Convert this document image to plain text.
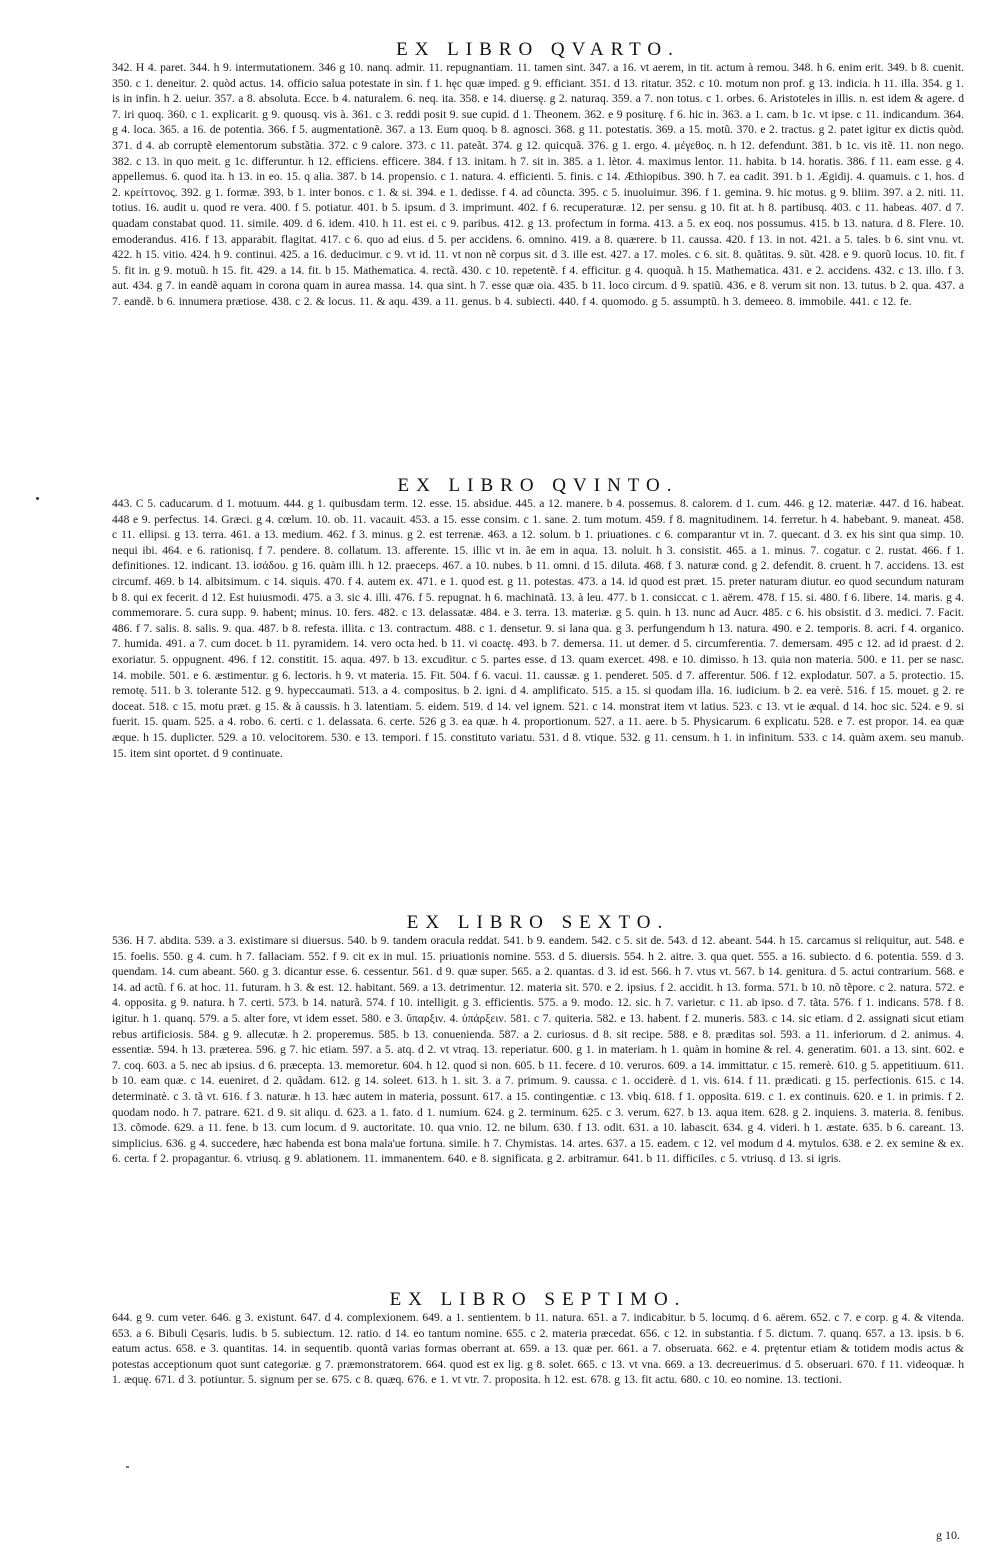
EX LIBRO QVARTO.

342. H 4. paret. 344. h 9. intermutationem. 346 g 10. nanq. admir. 11. repugnantiam. 11. tamen sint. 347. a 16. vt aerem, in tit. actum à remou. 348. h 6. enim erit. 349. b 8. cuenit. 350. c 1. deneitur. 2. quòd actus. 14. officio salua potestate in sin. f 1. hęc quæ imped. g 9. efficiant. 351. d 13. ritatur. 352. c 10. motum non prof. g 13. indicia. h 11. illa. 354. g 1. is in infin. h 2. ueiur. 357. a 8. absoluta. Ecce. b 4. naturalem. 6. neq. ita. 358. e 14. diuersę. g 2. naturaq. 359. a 7. non totus. c 1. orbes. 6. Aristoteles in illis. n. est idem & agere. d 7. iri quoq. 360. c 1. explicarit. g 9. quousq. vis à. 361. c 3. reddi posit 9. sue cupid. d 1. Theonem. 362. e 9 positurę. f 6. hic in. 363. a 1. cam. b 1c. vt ipse. c 11. indicandum. 364. g 4. loca. 365. a 16. de potentia. 366. f 5. augmentationẽ. 367. a 13. Eum quoq. b 8. agnosci. 368. g 11. potestatis. 369. a 15. motũ. 370. e 2. tractus. g 2. patet igitur ex dictis quòd. 371. d 4. ab corruptẽ elementorum substãtia. 372. c 9 calore. 373. c 11. pateãt. 374. g 12. quicquã. 376. g 1. ergo. 4. μέγεθος. n. h 12. defendunt. 381. b 1c. vis itẽ. 11. non nego. 382. c 13. in quo meit. g 1c. differuntur. h 12. efficiens. efficere. 384. f 13. initam. h 7. sit in. 385. a 1. lètor. 4. maximus lentor. 11. habita. b 14. horatis. 386. f 11. eam esse. g 4. appellemus. 6. quod ita. h 13. in eo. 15. q alia. 387. b 14. propensio. c 1. natura. 4. efficienti. 5. finis. c 14. Æthiopibus. 390. h 7. ea cadit. 391. b 1. Ægidij. 4. quamuis. c 1. hos. d 2. κρείττονος. 392. g 1. formæ. 393. b 1. inter bonos. c 1. & si. 394. e 1. dedisse. f 4. ad cõuncta. 395. c 5. inuoluimur. 396. f 1. gemina. 9. hic motus. g 9. bliim. 397. a 2. niti. 11. totius. 16. audit u. quod re vera. 400. f 5. potiatur. 401. b 5. ipsum. d 3. imprimunt. 402. f 6. recuperaturæ. 12. per sensu. g 10. fit at. h 8. partibusq. 403. c 11. habeas. 407. d 7. quadam constabat quod. 11. simile. 409. d 6. idem. 410. h 11. est ei. c 9. paribus. 412. g 13. profectum in forma. 413. a 5. ex eoq. nos possumus. 415. b 13. natura. d 8. Flere. 10. emoderandus. 416. f 13. apparabit. flagitat. 417. c 6. quo ad eius. d 5. per accidens. 6. omnino. 419. a 8. quærere. b 11. caussa. 420. f 13. in not. 421. a 5. tales. b 6. sint vnu. vt. 422. h 15. vitio. 424. h 9. continui. 425. a 16. deducimur. c 9. vt id. 11. vt non nẽ corpus sit. d 3. ille est. 427. a 17. moles. c 6. sit. 8. quãtitas. 9. sũt. 428. e 9. quorũ locus. 10. fit. f 5. fit in. g 9. motuũ. h 15. fit. 429. a 14. fit. b 15. Mathematica. 4. rectã. 430. c 10. repetentẽ. f 4. efficitur. g 4. quoquã. h 15. Mathematica. 431. e 2. accidens. 432. c 13. illo. f 3. aut. 434. g 7. in eandẽ aquam in corona quam in aurea massa. 14. qua sint. h 7. esse quæ oia. 435. b 11. loco circum. d 9. spatiũ. 436. e 8. verum sit non. 13. tutus. b 2. qua. 437. a 7. eandẽ. b 6. innumera prætiose. 438. c 2. & locus. 11. & aqu. 439. a 11. genus. b 4. subiecti. 440. f 4. quomodo. g 5. assumptũ. h 3. demeeo. 8. immobile. 441. c 12. fe.

EX LIBRO QVINTO.

443. C 5. caducarum. d 1. motuum. 444. g 1. quibusdam term. 12. esse. 15. absidue. 445. a 12. manere. b 4. possemus. 8. calorem. d 1. cum. 446. g 12. materiæ. 447. d 16. habeat. 448 e 9. perfectus. 14. Græci. g 4. cœlum. 10. ob. 11. vacauit. 453. a 15. esse consim. c 1. sane. 2. tum motum. 459. f 8. magnitudinem. 14. ferretur. h 4. habebant. 9. maneat. 458. c 11. ellipsi. g 13. terra. 461. a 13. medium. 462. f 3. minus. g 2. est terrenæ. 463. a 12. solum. b 1. priuationes. c 6. comparantur vt in. 7. quecant. d 3. ex his sint qua simp. 10. nequi ibi. 464. e 6. rationisq. f 7. pendere. 8. collatum. 13. afferente. 15. illic vt in. ãe em in aqua. 13. noluit. h 3. consistit. 465. a 1. minus. 7. cogatur. c 2. rustat. 466. f 1. definitiones. 12. indicant. 13. ἰσάδου. g 16. quàm illi. h 12. praeceps. 467. a 10. nubes. b 11. omni. d 15. diluta. 468. f 3. naturæ cond. g 2. defendit. 8. cruent. h 7. accidens. 13. est circumf. 469. b 14. albitsimum. c 14. siquis. 470. f 4. autem ex. 471. e 1. quod est. g 11. potestas. 473. a 14. id quod est præt. 15. preter naturam diutur. eo quod secundum naturam b 8. qui ex fecerit. d 12. Est huiusmodi. 475. a 3. sic 4. illi. 476. f 5. repugnat. h 6. machinatã. 13. à leu. 477. b 1. consiccat. c 1. aërem. 478. f 15. si. 480. f 6. libere. 14. maris. g 4. commemorare. 5. cura supp. 9. habent; minus. 10. fers. 482. c 13. delassatæ. 484. e 3. terra. 13. materiæ. g 5. quin. h 13. nunc ad Aucr. 485. c 6. his obsistit. d 3. medici. 7. Facit. 486. f 7. salis. 8. salis. 9. qua. 487. b 8. refesta. illita. c 13. contractum. 488. c 1. densetur. 9. si lana qua. g 3. perfungendum h 13. natura. 490. e 2. temporis. 8. acri. f 4. organico. 7. humida. 491. a 7. cum docet. b 11. pyramidem. 14. vero octa hed. b 11. vi coactę. 493. b 7. demersa. 11. ut demer. d 5. circumferentia. 7. demersam. 495 c 12. ad id praest. d 2. exoriatur. 5. oppugnent. 496. f 12. constitit. 15. aqua. 497. b 13. excuditur. c 5. partes esse. d 13. quam exercet. 498. e 10. dimisso. h 13. quia non materia. 500. e 11. per se nasc. 14. mobile. 501. e 6. æstimentur. g 6. lectoris. h 9. vt materia. 15. Fit. 504. f 6. vacui. 11. caussæ. g 1. penderet. 505. d 7. afferentur. 506. f 12. explodatur. 507. a 5. protectio. 15. remotę. 511. b 3. tolerante 512. g 9. hypeccaumati. 513. a 4. compositus. b 2. igni. d 4. amplificato. 515. a 15. si quodam illa. 16. iudicium. b 2. ea verè. 516. f 15. mouet. g 2. re doceat. 518. c 15. motu præt. g 15. & à caussis. h 3. latentiam. 5. eidem. 519. d 14. vel ignem. 521. c 14. monstrat item vt latius. 523. c 13. vt ie æqual. d 14. hoc sic. 524. e 9. si fuerit. 15. quam. 525. a 4. robo. 6. certi. c 1. delassata. 6. certe. 526 g 3. ea quæ. h 4. proportionum. 527. a 11. aere. b 5. Physicarum. 6 explicatu. 528. e 7. est propor. 14. ea quæ æque. h 15. duplicter. 529. a 10. velocitorem. 530. e 13. tempori. f 15. constituto variatu. 531. d 8. vtique. 532. g 11. censum. h 1. in infinitum. 533. c 14. quàm axem. seu manub. 15. item sint oportet. d 9 continuate.

EX LIBRO SEXTO.

536. H 7. abdita. 539. a 3. existimare si diuersus. 540. b 9. tandem oracula reddat. 541. b 9. eandem. 542. c 5. sit de. 543. d 12. abeant. 544. h 15. carcamus si reliquitur, aut. 548. e 15. foelis. 550. g 4. cum. h 7. fallaciam. 552. f 9. cit ex in mul. 15. priuationis nomine. 553. d 5. diuersis. 554. h 2. aitre. 3. qua quet. 555. a 16. subiecto. d 6. potentia. 559. d 3. quendam. 14. cum abeant. 560. g 3. dicantur esse. 6. cessentur. 561. d 9. quæ super. 565. a 2. quantas. d 3. id est. 566. h 7. vtus vt. 567. b 14. genitura. d 5. actui contrarium. 568. e 14. ad actũ. f 6. at hoc. 11. futuram. h 3. & est. 12. habitant. 569. a 13. detrimentur. 12. materia sit. 570. e 2. ipsius. f 2. accidit. h 13. forma. 571. b 10. nõ tẽpore. c 2. natura. 572. e 4. opposita. g 9. natura. h 7. certi. 573. b 14. naturã. 574. f 10. intelligit. g 3. efficientis. 575. a 9. modo. 12. sic. h 7. varietur. c 11. ab ipso. d 7. tãta. 576. f 1. indicans. 578. f 8. igitur. h 1. quanq. 579. a 5. alter fore, vt idem esset. 580. e 3. ὕπαρξιν. 4. ὑπάρξειν. 581. c 7. quiteria. 582. e 13. habent. f 2. muneris. 583. c 14. sic etiam. d 2. assignati sicut etiam rebus artificiosis. 584. g 9. allecutæ. h 2. properemus. 585. b 13. conuenienda. 587. a 2. curiosus. d 8. sit recipe. 588. e 8. præditas sol. 593. a 11. inferiorum. d 2. animus. 4. essentiæ. 594. h 13. præterea. 596. g 7. hic etiam. 597. a 5. atq. d 2. vt vtraq. 13. reperiatur. 600. g 1. in materiam. h 1. quàm in homine & rel. 4. generatim. 601. a 13. sint. 602. e 7. coq. 603. a 5. nec ab ipsius. d 6. præcepta. 13. memoretur. 604. h 12. quod si non. 605. b 11. fecere. d 10. veruros. 609. a 14. immittatur. c 15. remerè. 610. g 5. appetitiuum. 611. b 10. eam quæ. c 14. eueniret. d 2. quãdam. 612. g 14. soleet. 613. h 1. sit. 3. a 7. primum. 9. caussa. c 1. occiderè. d 1. vis. 614. f 11. prædicati. g 15. perfectionis. 615. c 14. determinatè. c 3. tã vt. 616. f 3. naturæ. h 13. hæc autem in materia, possunt. 617. a 15. contingentiæ. c 13. vbiq. 618. f 1. opposita. 619. c 1. ex continuis. 620. e 1. in primis. f 2. quodam nodo. h 7. patrare. 621. d 9. sit aliqu. d. 623. a 1. fato. d 1. numium. 624. g 2. terminum. 625. c 3. verum. 627. b 13. aqua item. 628. g 2. inquiens. 3. materia. 8. fenibus. 13. cõmode. 629. a 11. fene. b 13. cum locum. d 9. auctoritate. 10. qua vnio. 12. ne bilum. 630. f 13. odit. 631. a 10. labascit. 634. g 4. videri. h 1. æstate. 635. b 6. careant. 13. simplicius. 636. g 4. succedere, hæc habenda est bona mala'ue fortuna. simile. h 7. Chymistas. 14. artes. 637. a 15. eadem. c 12. vel modum d 4. mytulos. 638. e 2. ex semine & ex. 6. certa. f 2. propagantur. 6. vtriusq. g 9. ablationem. 11. immanentem. 640. e 8. significata. g 2. arbitramur. 641. b 11. difficiles. c 5. vtriusq. d 13. si igris.

EX LIBRO SEPTIMO.

644. g 9. cum veter. 646. g 3. existunt. 647. d 4. complexionem. 649. a 1. sentientem. b 11. natura. 651. a 7. indicabitur. b 5. locumq. d 6. aërem. 652. c 7. e corp. g 4. & vitenda. 653. a 6. Bibuli Cęsaris. ludis. b 5. subiectum. 12. ratio. d 14. eo tantum nomine. 655. c 2. materia præcedat. 656. c 12. in substantia. f 5. dictum. 7. quanq. 657. a 13. ipsis. b 6. eatum actus. 658. e 3. quantitas. 14. in sequentib. quontã varias formas oberrant at. 659. a 13. quæ per. 661. a 7. obseruata. 662. e 4. prętentur etiam & totidem modis actus & potestas acceptionum quot sunt categoriæ. g 7. præmonstratorem. 664. quod est ex lig. g 8. solet. 665. c 13. vt vna. 669. a 13. decreuerimus. d 5. obseruari. 670. f 11. videoquæ. h 1. æquę. 671. d 3. potiuntur. 5. signum per se. 675. c 8. quæq. 676. e 1. vt vtr. 7. proposita. h 12. est. 678. g 13. fit actu. 680. c 10. eo nomine. 13. tectioni.

g 10.
